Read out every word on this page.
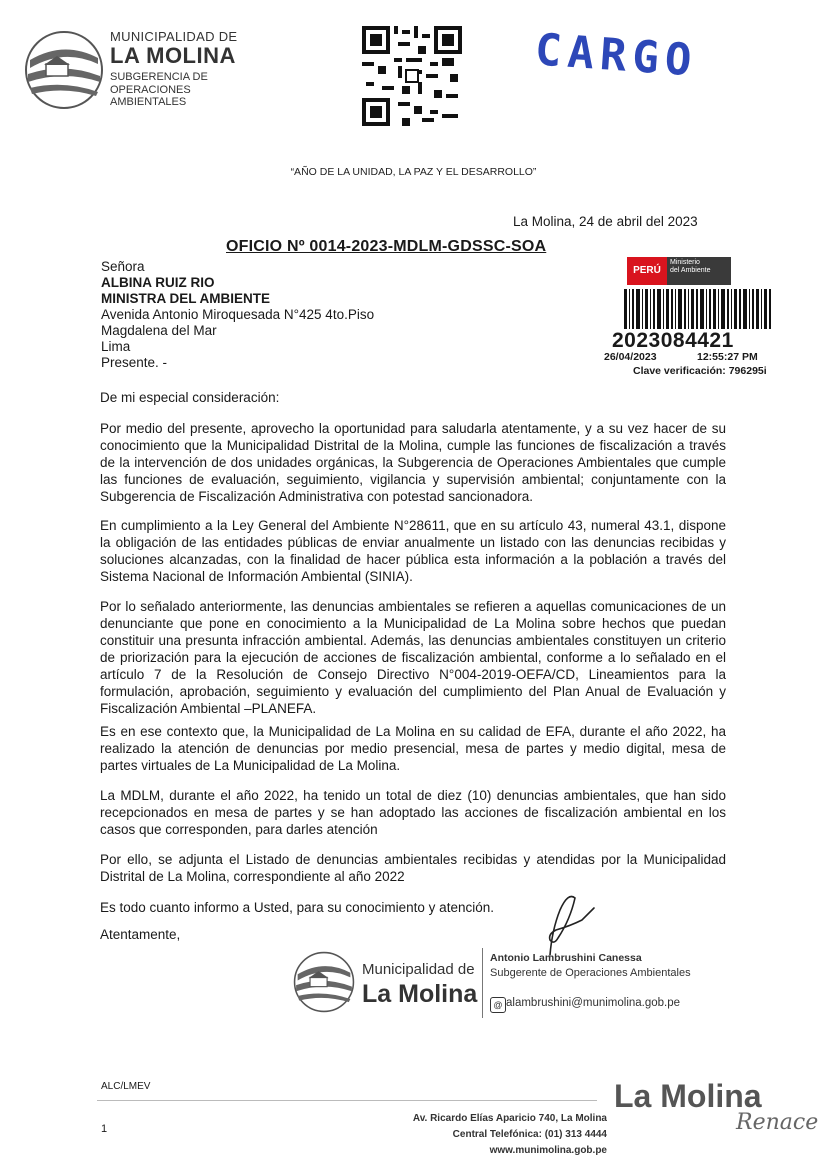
MUNICIPALIDAD DE
LA MOLINA
SUBGERENCIA DE
OPERACIONES
AMBIENTALES
CARGO
“AÑO DE LA UNIDAD, LA PAZ Y EL DESARROLLO”
La Molina, 24 de abril del 2023
OFICIO Nº 0014-2023-MDLM-GDSSC-SOA
Señora
ALBINA RUIZ RIO
MINISTRA DEL AMBIENTE
Avenida Antonio Miroquesada N°425 4to.Piso
Magdalena del Mar
Lima
Presente. -
PERÚ
Ministerio
del Ambiente
2023084421
26/04/2023	12:55:27 PM
Clave verificación: 796295i
De mi especial consideración:
Por medio del presente, aprovecho la oportunidad para saludarla atentamente, y a su vez hacer de su conocimiento que la Municipalidad Distrital de la Molina, cumple las funciones de fiscalización a través de la intervención de dos unidades orgánicas, la Subgerencia de Operaciones Ambientales que cumple las funciones de evaluación, seguimiento, vigilancia y supervisión ambiental; conjuntamente con la Subgerencia de Fiscalización Administrativa con potestad sancionadora.
En cumplimiento a la Ley General del Ambiente N°28611, que en su artículo 43, numeral 43.1, dispone la obligación de las entidades públicas de enviar anualmente un listado con las denuncias recibidas y soluciones alcanzadas, con la finalidad de hacer pública esta información a la población a través del Sistema Nacional de Información Ambiental (SINIA).
Por lo señalado anteriormente, las denuncias ambientales se refieren a aquellas comunicaciones de un denunciante que pone en conocimiento a la Municipalidad de La Molina sobre hechos que puedan constituir una presunta infracción ambiental. Además, las denuncias ambientales constituyen un criterio de priorización para la ejecución de acciones de fiscalización ambiental, conforme a lo señalado en el artículo 7 de la Resolución de Consejo Directivo N°004-2019-OEFA/CD, Lineamientos para la formulación, aprobación, seguimiento y evaluación del cumplimiento del Plan Anual de Evaluación y Fiscalización Ambiental –PLANEFA.
Es en ese contexto que, la Municipalidad de La Molina en su calidad de EFA, durante el año 2022, ha realizado la atención de denuncias por medio presencial, mesa de partes y medio digital, mesa de partes virtuales de La Municipalidad de La Molina.
La MDLM, durante el año 2022, ha tenido un total de diez (10) denuncias ambientales, que han sido recepcionados en mesa de partes y se han adoptado las acciones de fiscalización ambiental en los casos que corresponden, para darles atención
Por ello, se adjunta el Listado de denuncias ambientales recibidas y atendidas por la Municipalidad Distrital de La Molina, correspondiente al año 2022
Es todo cuanto informo a Usted, para su conocimiento y atención.
Atentamente,
Municipalidad de
La Molina
Antonio Lambrushini Canessa
Subgerente de Operaciones Ambientales
@ alambrushini@munimolina.gob.pe
ALC/LMEV
1
Av. Ricardo Elías Aparicio 740, La Molina
Central Telefónica: (01) 313 4444
www.munimolina.gob.pe
La Molina
Renace
